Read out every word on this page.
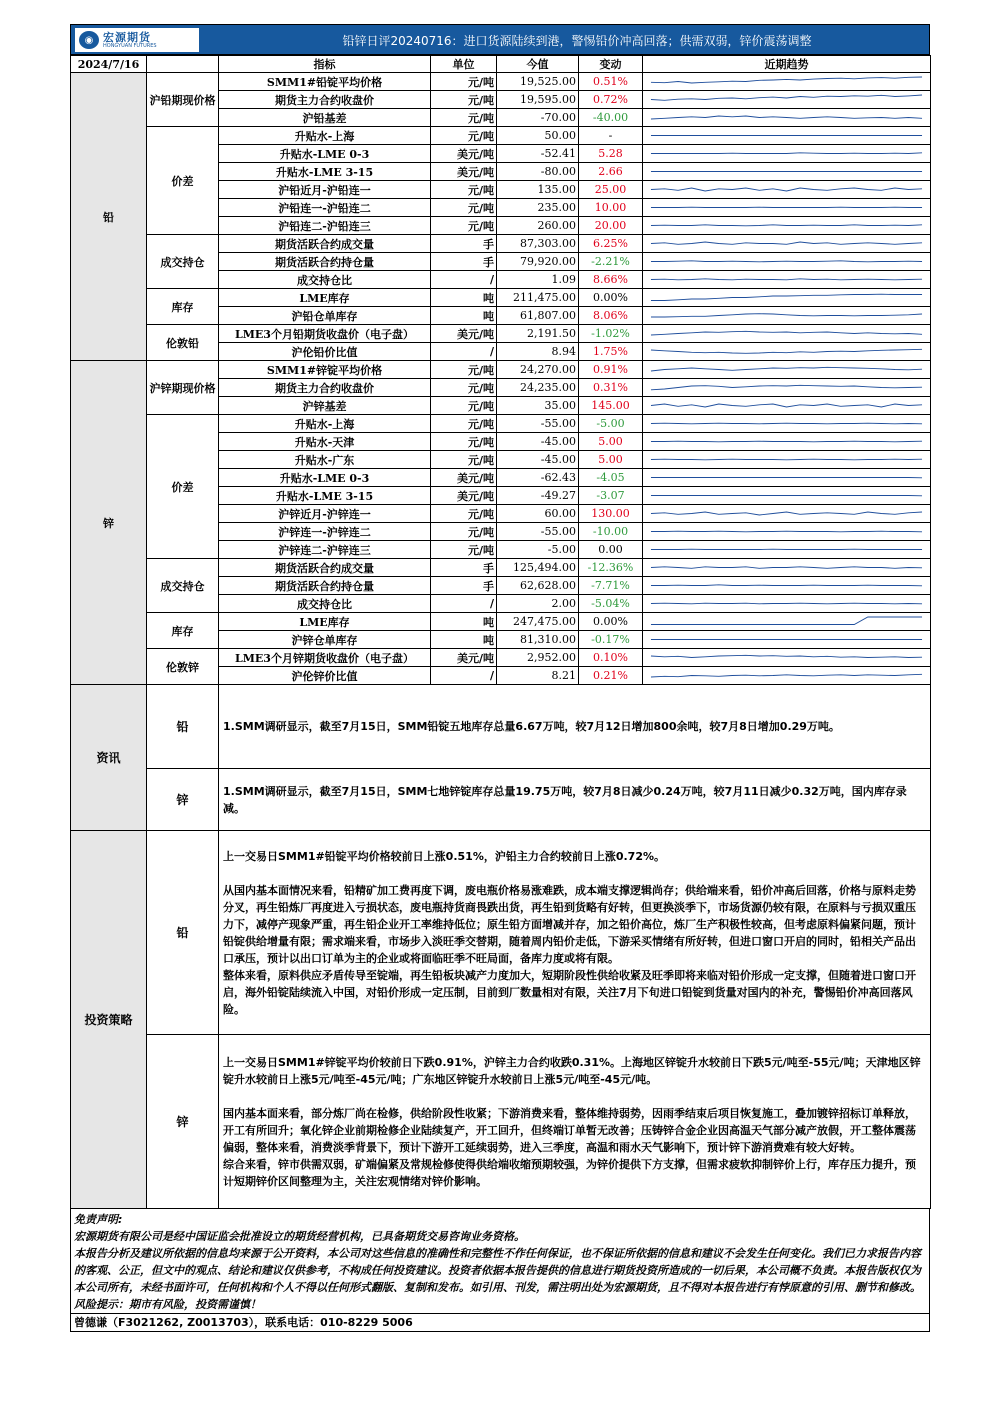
◉ 宏源期货
HONGYUAN FUTURES	铅锌日评20240716：进口货源陆续到港，警惕铅价冲高回落；供需双弱，锌价震荡调整
2024/7/16		指标	单位	今值	变动	近期趋势
铅	沪铅期现价格	SMM1#铅锭平均价格	元/吨	19,525.00	0.51%	

		期货主力合约收盘价	元/吨	19,595.00	0.72%	

		沪铅基差	元/吨	-70.00	-40.00	

	价差	升贴水-上海	元/吨	50.00	-	

		升贴水-LME 0-3	美元/吨	-52.41	5.28	

		升贴水-LME 3-15	美元/吨	-80.00	2.66	

		沪铅近月-沪铅连一	元/吨	135.00	25.00	

		沪铅连一-沪铅连二	元/吨	235.00	10.00	

		沪铅连二-沪铅连三	元/吨	260.00	20.00	

	成交持仓	期货活跃合约成交量	手	87,303.00	6.25%	

		期货活跃合约持仓量	手	79,920.00	-2.21%	

		成交持仓比	/	1.09	8.66%	

	库存	LME库存	吨	211,475.00	0.00%	

		沪铅仓单库存	吨	61,807.00	8.06%	

	伦敦铅	LME3个月铅期货收盘价（电子盘）	美元/吨	2,191.50	-1.02%	

		沪伦铅价比值	/	8.94	1.75%	

锌	沪锌期现价格	SMM1#锌锭平均价格	元/吨	24,270.00	0.91%	

		期货主力合约收盘价	元/吨	24,235.00	0.31%	

		沪锌基差	元/吨	35.00	145.00	

	价差	升贴水-上海	元/吨	-55.00	-5.00	

		升贴水-天津	元/吨	-45.00	5.00	

		升贴水-广东	元/吨	-45.00	5.00	

		升贴水-LME 0-3	美元/吨	-62.43	-4.05	

		升贴水-LME 3-15	美元/吨	-49.27	-3.07	

		沪锌近月-沪锌连一	元/吨	60.00	130.00	

		沪锌连一-沪锌连二	元/吨	-55.00	-10.00	

		沪锌连二-沪锌连三	元/吨	-5.00	0.00	

	成交持仓	期货活跃合约成交量	手	125,494.00	-12.36%	

		期货活跃合约持仓量	手	62,628.00	-7.71%	

		成交持仓比	/	2.00	-5.04%	

	库存	LME库存	吨	247,475.00	0.00%	

		沪锌仓单库存	吨	81,310.00	-0.17%	

	伦敦锌	LME3个月锌期货收盘价（电子盘）	美元/吨	2,952.00	0.10%	

		沪伦锌价比值	/	8.21	0.21%	
资讯	铅	1.SMM调研显示，截至7月15日，SMM铅锭五地库存总量6.67万吨，较7月12日增加800余吨，较7月8日增加0.29万吨。
	锌	1.SMM调研显示，截至7月15日，SMM七地锌锭库存总量19.75万吨，较7月8日减少0.24万吨，较7月11日减少0.32万吨，国内库存录减。
投资策略	铅	上一交易日SMM1#铅锭平均价格较前日上涨0.51%，沪铅主力合约较前日上涨0.72%。
从国内基本面情况来看，铅精矿加工费再度下调，废电瓶价格易涨难跌，成本端支撑逻辑尚存；供给端来看，铅价冲高后回落，价格与原料走势分叉，再生铅炼厂再度进入亏损状态，废电瓶持货商畏跌出货，再生铅到货略有好转，但更换淡季下，市场货源仍较有限，在原料与亏损双重压力下，减停产现象严重，再生铅企业开工率维持低位；原生铅方面增减并存，加之铅价高位，炼厂生产积极性较高，但考虑原料偏紧问题，预计铅锭供给增量有限；需求端来看，市场步入淡旺季交替期，随着周内铅价走低，下游采买情绪有所好转，但进口窗口开启的同时，铅相关产品出口承压，预计以出口订单为主的企业或将面临旺季不旺局面，备库力度或将有限。
整体来看，原料供应矛盾传导至锭端，再生铅板块减产力度加大，短期阶段性供给收紧及旺季即将来临对铅价形成一定支撑，但随着进口窗口开启，海外铅锭陆续流入中国，对铅价形成一定压制，目前到厂数量相对有限，关注7月下旬进口铅锭到货量对国内的补充，警惕铅价冲高回落风险。

	锌	上一交易日SMM1#锌锭平均价较前日下跌0.91%，沪锌主力合约收跌0.31%。上海地区锌锭升水较前日下跌5元/吨至-55元/吨；天津地区锌锭升水较前日上涨5元/吨至-45元/吨；广东地区锌锭升水较前日上涨5元/吨至-45元/吨。
国内基本面来看，部分炼厂尚在检修，供给阶段性收紧；下游消费来看，整体维持弱势，因雨季结束后项目恢复施工，叠加镀锌招标订单释放，开工有所回升；氧化锌企业前期检修企业陆续复产，开工回升，但终端订单暂无改善；压铸锌合金企业因高温天气部分减产放假，开工整体震荡偏弱，整体来看，消费淡季背景下，预计下游开工延续弱势，进入三季度，高温和雨水天气影响下，预计锌下游消费难有较大好转。
综合来看，锌市供需双弱，矿端偏紧及常规检修使得供给端收缩预期较强，为锌价提供下方支撑，但需求疲软抑制锌价上行，库存压力提升，预计短期锌价区间整理为主，关注宏观情绪对锌价影响。

免责声明:

宏源期货有限公司是经中国证监会批准设立的期货经营机构，已具备期货交易咨询业务资格。

本报告分析及建议所依据的信息均来源于公开资料，本公司对这些信息的准确性和完整性不作任何保证，也不保证所依据的信息和建议不会发生任何变化。我们已力求报告内容的客观、公正，但文中的观点、结论和建议仅供参考，不构成任何投资建议。投资者依据本报告提供的信息进行期货投资所造成的一切后果，本公司概不负责。本报告版权仅为本公司所有，未经书面许可，任何机构和个人不得以任何形式翻版、复制和发布。如引用、刊发，需注明出处为宏源期货，且不得对本报告进行有悖原意的引用、删节和修改。

风险提示：期市有风险，投资需谨慎！

曾德谦（F3021262, Z0013703），联系电话：010-8229 5006
